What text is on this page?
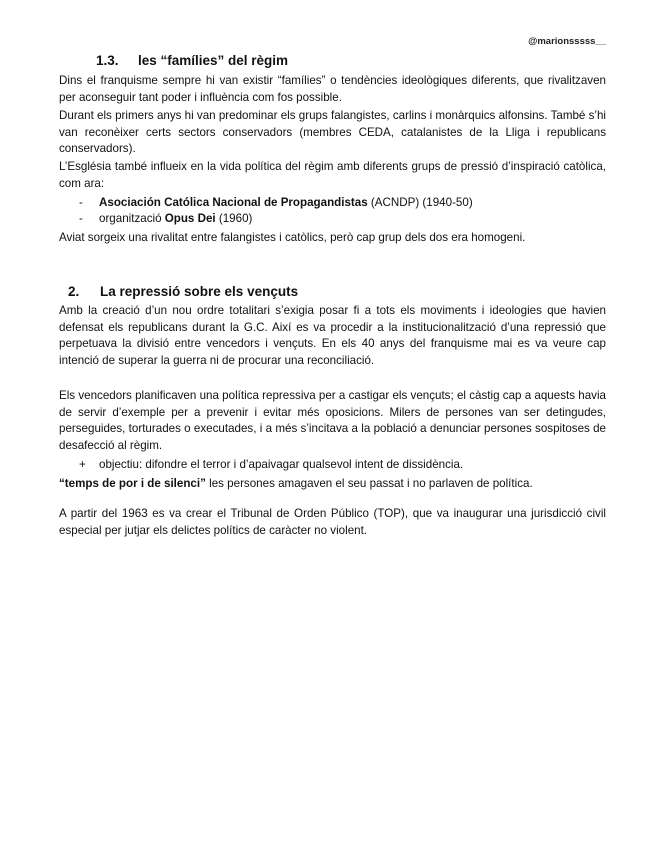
@marionsssss__
1.3. les “famílies” del règim

Dins el franquisme sempre hi van existir “famílies” o tendències ideològiques diferents, que rivalitzaven per aconseguir tant poder i influència com fos possible.

Durant els primers anys hi van predominar els grups falangistes, carlins i monàrquics alfonsins. També s’hi van reconèixer certs sectors conservadors (membres CEDA, catalanistes de la Lliga i republicans conservadors).

L’Església també influeix en la vida política del règim amb diferents grups de pressió d’inspiració catòlica, com ara:

- Asociación Católica Nacional de Propagandistas (ACNDP) (1940-50)

- organització Opus Dei (1960)

Aviat sorgeix una rivalitat entre falangistes i catòlics, però cap grup dels dos era homogeni.

2. La repressió sobre els vençuts

Amb la creació d’un nou ordre totalitari s’exigia posar fi a tots els moviments i ideologies que havien defensat els republicans durant la G.C. Així es va procedir a la institucionalització d’una repressió que perpetuava la divisió entre vencedors i vençuts. En els 40 anys del franquisme mai es va veure cap intenció de superar la guerra ni de procurar una reconciliació.

Els vencedors planificaven una política repressiva per a castigar els vençuts; el càstig cap a aquests havia de servir d’exemple per a prevenir i evitar més oposicions. Milers de persones van ser detingudes, perseguides, torturades o executades, i a més s’incitava a la població a denunciar persones sospitoses de desafecció al règim.

+ objectiu: difondre el terror i d’apaivagar qualsevol intent de dissidència.

“temps de por i de silenci” les persones amagaven el seu passat i no parlaven de política.

A partir del 1963 es va crear el Tribunal de Orden Público (TOP), que va inaugurar una jurisdicció civil especial per jutjar els delictes polítics de caràcter no violent.
